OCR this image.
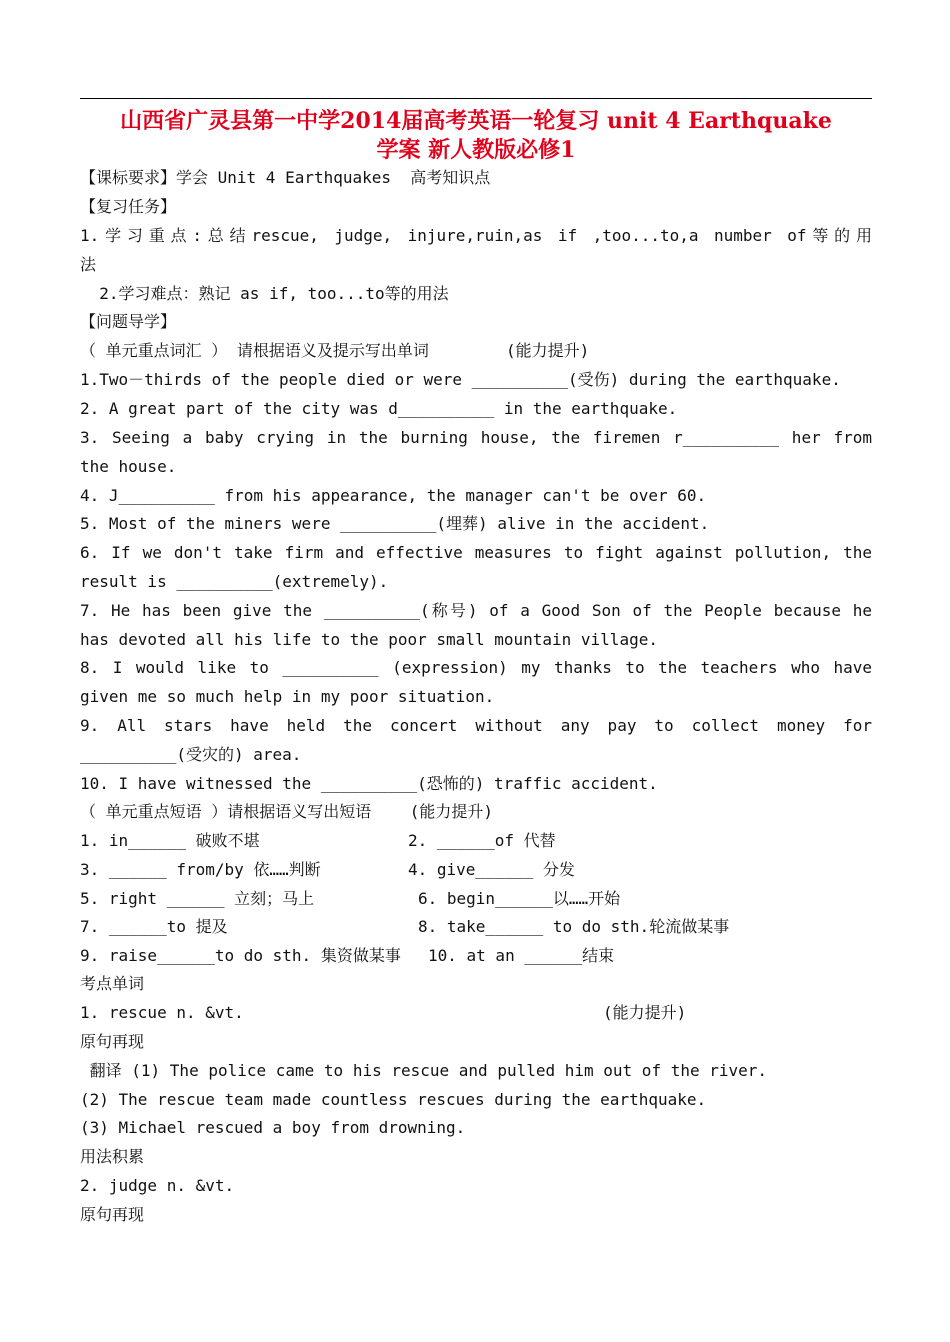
山西省广灵县第一中学2014届高考英语一轮复习 unit 4 Earthquake
学案 新人教版必修1
【课标要求】学会 Unit 4 Earthquakes  高考知识点
【复习任务】
1.学习重点:总结rescue, judge, injure,ruin,as if ,too...to,a number of等的用
法
2.学习难点：熟记 as if, too...to等的用法
【问题导学】
（ 单元重点词汇 ） 请根据语义及提示写出单词        (能力提升)
1.Two－thirds of the people died or were __________(受伤) during the earthquake.
2. A great part of the city was d__________ in the earthquake.
3. Seeing a baby crying in the burning house, the firemen r__________ her from
the house.
4. J__________ from his appearance, the manager can't be over 60.
5. Most of the miners were __________(埋葬) alive in the accident.
6. If we don't take firm and effective measures to fight against pollution, the
result is __________(extremely).
7. He has been give the __________(称号) of a Good Son of the People because he
has devoted all his life to the poor small mountain village.
8. I would like to __________ (expression) my thanks to the teachers who have
given me so much help in my poor situation.
9. All stars have held the concert without any pay to collect money for
__________(受灾的) area.
10. I have witnessed the __________(恐怖的) traffic accident.
（ 单元重点短语 ）请根据语义写出短语    (能力提升)
1. in______ 破败不堪	2. ______of 代替
3. ______ from/by 依……判断	4. give______ 分发
5. right ______ 立刻；马上	6. begin______以……开始
7. ______to 提及	8. take______ to do sth.轮流做某事
9. raise______to do sth. 集资做某事 10. at an ______结束
考点单词
1. rescue n. &vt.	(能力提升)
原句再现
翻译 (1) The police came to his rescue and pulled him out of the river.
(2) The rescue team made countless rescues during the earthquake.
(3) Michael rescued a boy from drowning.
用法积累
2. judge n. &vt.
原句再现
